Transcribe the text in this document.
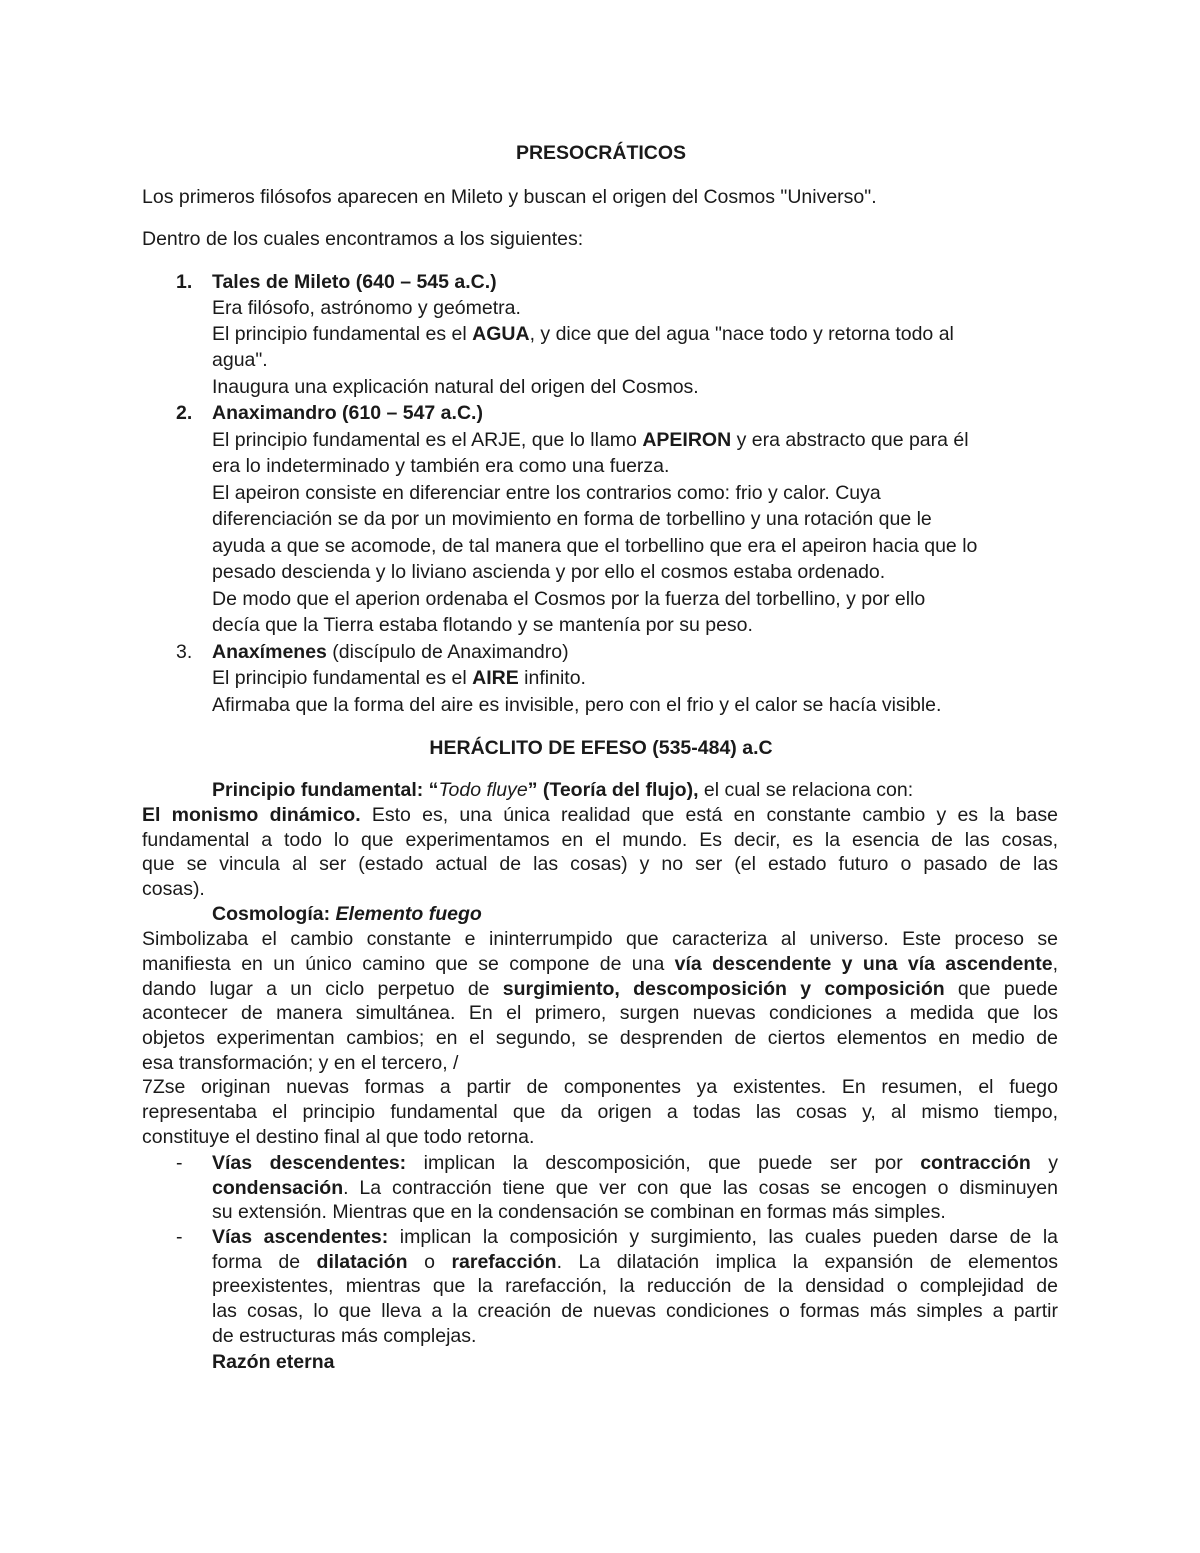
PRESOCRÁTICOS
Los primeros filósofos aparecen en Mileto y buscan el origen del Cosmos "Universo".
Dentro de los cuales encontramos a los siguientes:
1.	Tales de Mileto (640 – 545 a.C.)
Era filósofo, astrónomo y geómetra.
El principio fundamental es el AGUA, y dice que del agua "nace todo y retorna todo al
agua".
Inaugura una explicación natural del origen del Cosmos.
2.	Anaximandro (610 – 547 a.C.)
El principio fundamental es el ARJE, que lo llamo APEIRON y era abstracto que para él
era lo indeterminado y también era como una fuerza.
El apeiron consiste en diferenciar entre los contrarios como: frio y calor. Cuya
diferenciación se da por un movimiento en forma de torbellino y una rotación que le
ayuda a que se acomode, de tal manera que el torbellino que era el apeiron hacia que lo
pesado descienda y lo liviano ascienda y por ello el cosmos estaba ordenado.
De modo que el aperion ordenaba el Cosmos por la fuerza del torbellino, y por ello
decía que la Tierra estaba flotando y se mantenía por su peso.
3.	Anaxímenes (discípulo de Anaximandro)
El principio fundamental es el AIRE infinito.
Afirmaba que la forma del aire es invisible, pero con el frio y el calor se hacía visible.
HERÁCLITO DE EFESO (535-484) a.C
Principio fundamental: “Todo fluye” (Teoría del flujo), el cual se relaciona con:
El monismo dinámico. Esto es, una única realidad que está en constante cambio y es la base
fundamental a todo lo que experimentamos en el mundo. Es decir, es la esencia de las cosas,
que se vincula al ser (estado actual de las cosas) y no ser (el estado futuro o pasado de las
cosas).
Cosmología: Elemento fuego
Simbolizaba el cambio constante e ininterrumpido que caracteriza al universo. Este proceso se
manifiesta en un único camino que se compone de una vía descendente y una vía ascendente,
dando lugar a un ciclo perpetuo de surgimiento, descomposición y composición que puede
acontecer de manera simultánea. En el primero, surgen nuevas condiciones a medida que los
objetos experimentan cambios; en el segundo, se desprenden de ciertos elementos en medio de
esa transformación; y en el tercero, /
7Zse originan nuevas formas a partir de componentes ya existentes. En resumen, el fuego
representaba el principio fundamental que da origen a todas las cosas y, al mismo tiempo,
constituye el destino final al que todo retorna.
- Vías descendentes: implican la descomposición, que puede ser por contracción y
condensación. La contracción tiene que ver con que las cosas se encogen o disminuyen
su extensión. Mientras que en la condensación se combinan en formas más simples.
- Vías ascendentes: implican la composición y surgimiento, las cuales pueden darse de la
forma de dilatación o rarefacción. La dilatación implica la expansión de elementos
preexistentes, mientras que la rarefacción, la reducción de la densidad o complejidad de
las cosas, lo que lleva a la creación de nuevas condiciones o formas más simples a partir
de estructuras más complejas.
Razón eterna
